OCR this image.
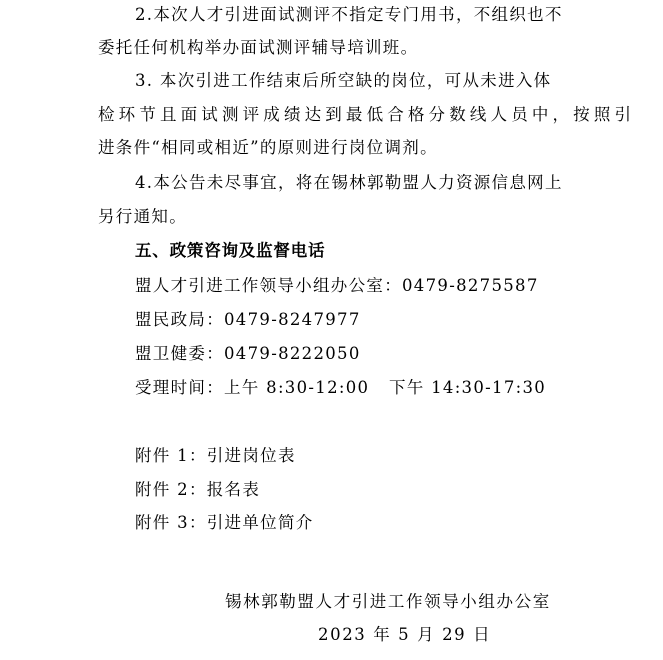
2.本次人才引进面试测评不指定专门用书，不组织也不
委托任何机构举办面试测评辅导培训班。
3. 本次引进工作结束后所空缺的岗位，可从未进入体
检环节且面试测评成绩达到最低合格分数线人员中，按照引
进条件“相同或相近”的原则进行岗位调剂。
4.本公告未尽事宜，将在锡林郭勒盟人力资源信息网上
另行通知。
五、政策咨询及监督电话
盟人才引进工作领导小组办公室：0479-8275587
盟民政局：0479-8247977
盟卫健委：0479-8222050
受理时间：上午 8:30-12:00   下午 14:30-17:30
附件 1：引进岗位表
附件 2：报名表
附件 3：引进单位简介
锡林郭勒盟人才引进工作领导小组办公室
2023 年 5 月 29 日
